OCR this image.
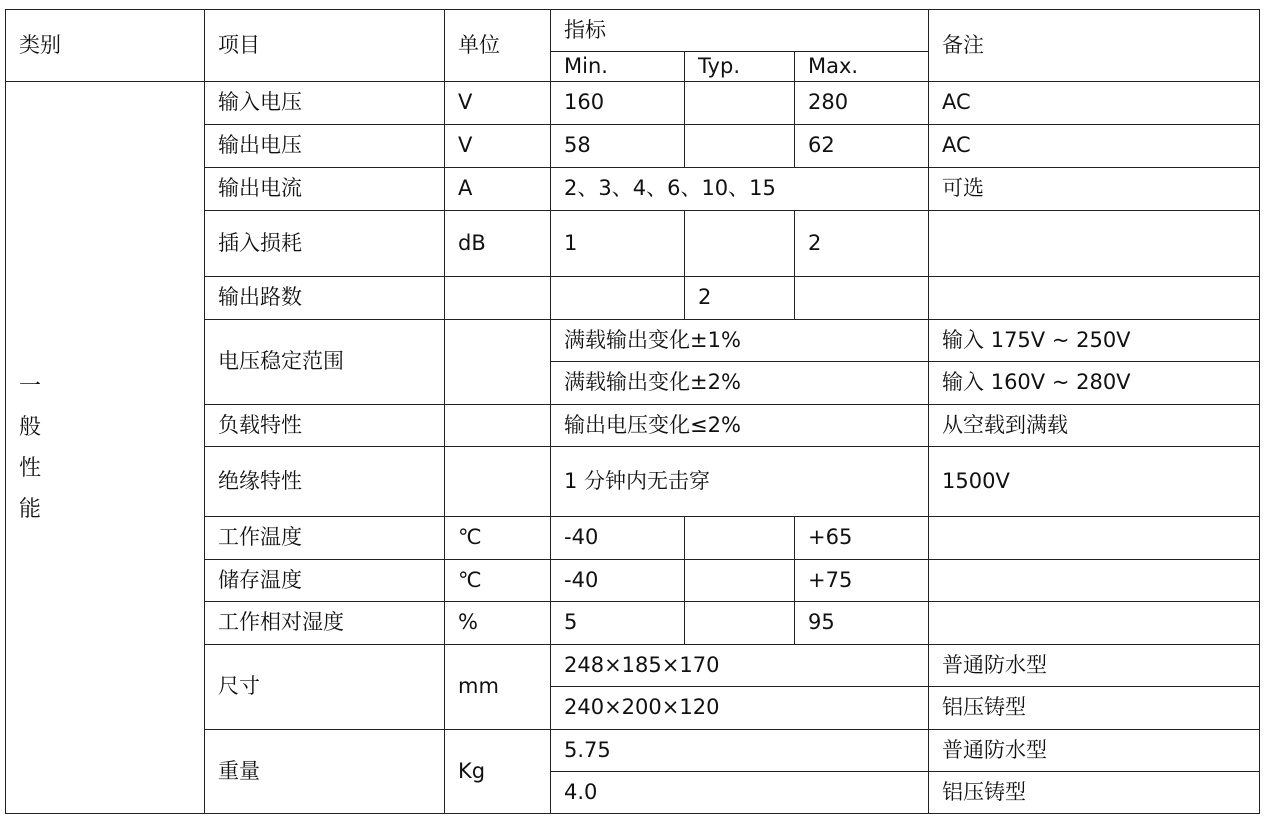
类别	项目	单位	指标			备注
			Min.	Typ.	Max.	

一
般
性
能	输入电压	V	160		280	AC
	输出电压	V	58		62	AC
	输出电流	A	2、3、4、6、10、15			可选
	插入损耗	dB	1		2	
	输出路数			2		
	电压稳定范围		满载输出变化±1%			输入 175V ~ 250V
			满载输出变化±2%			输入 160V ~ 280V
	负载特性		输出电压变化≤2%			从空载到满载
	绝缘特性		1 分钟内无击穿			1500V
	工作温度	℃	-40		+65	
	储存温度	℃	-40		+75	
	工作相对湿度	%	5		95	
	尺寸	mm	248×185×170			普通防水型
			240×200×120			铝压铸型
	重量	Kg	5.75			普通防水型
			4.0			铝压铸型
